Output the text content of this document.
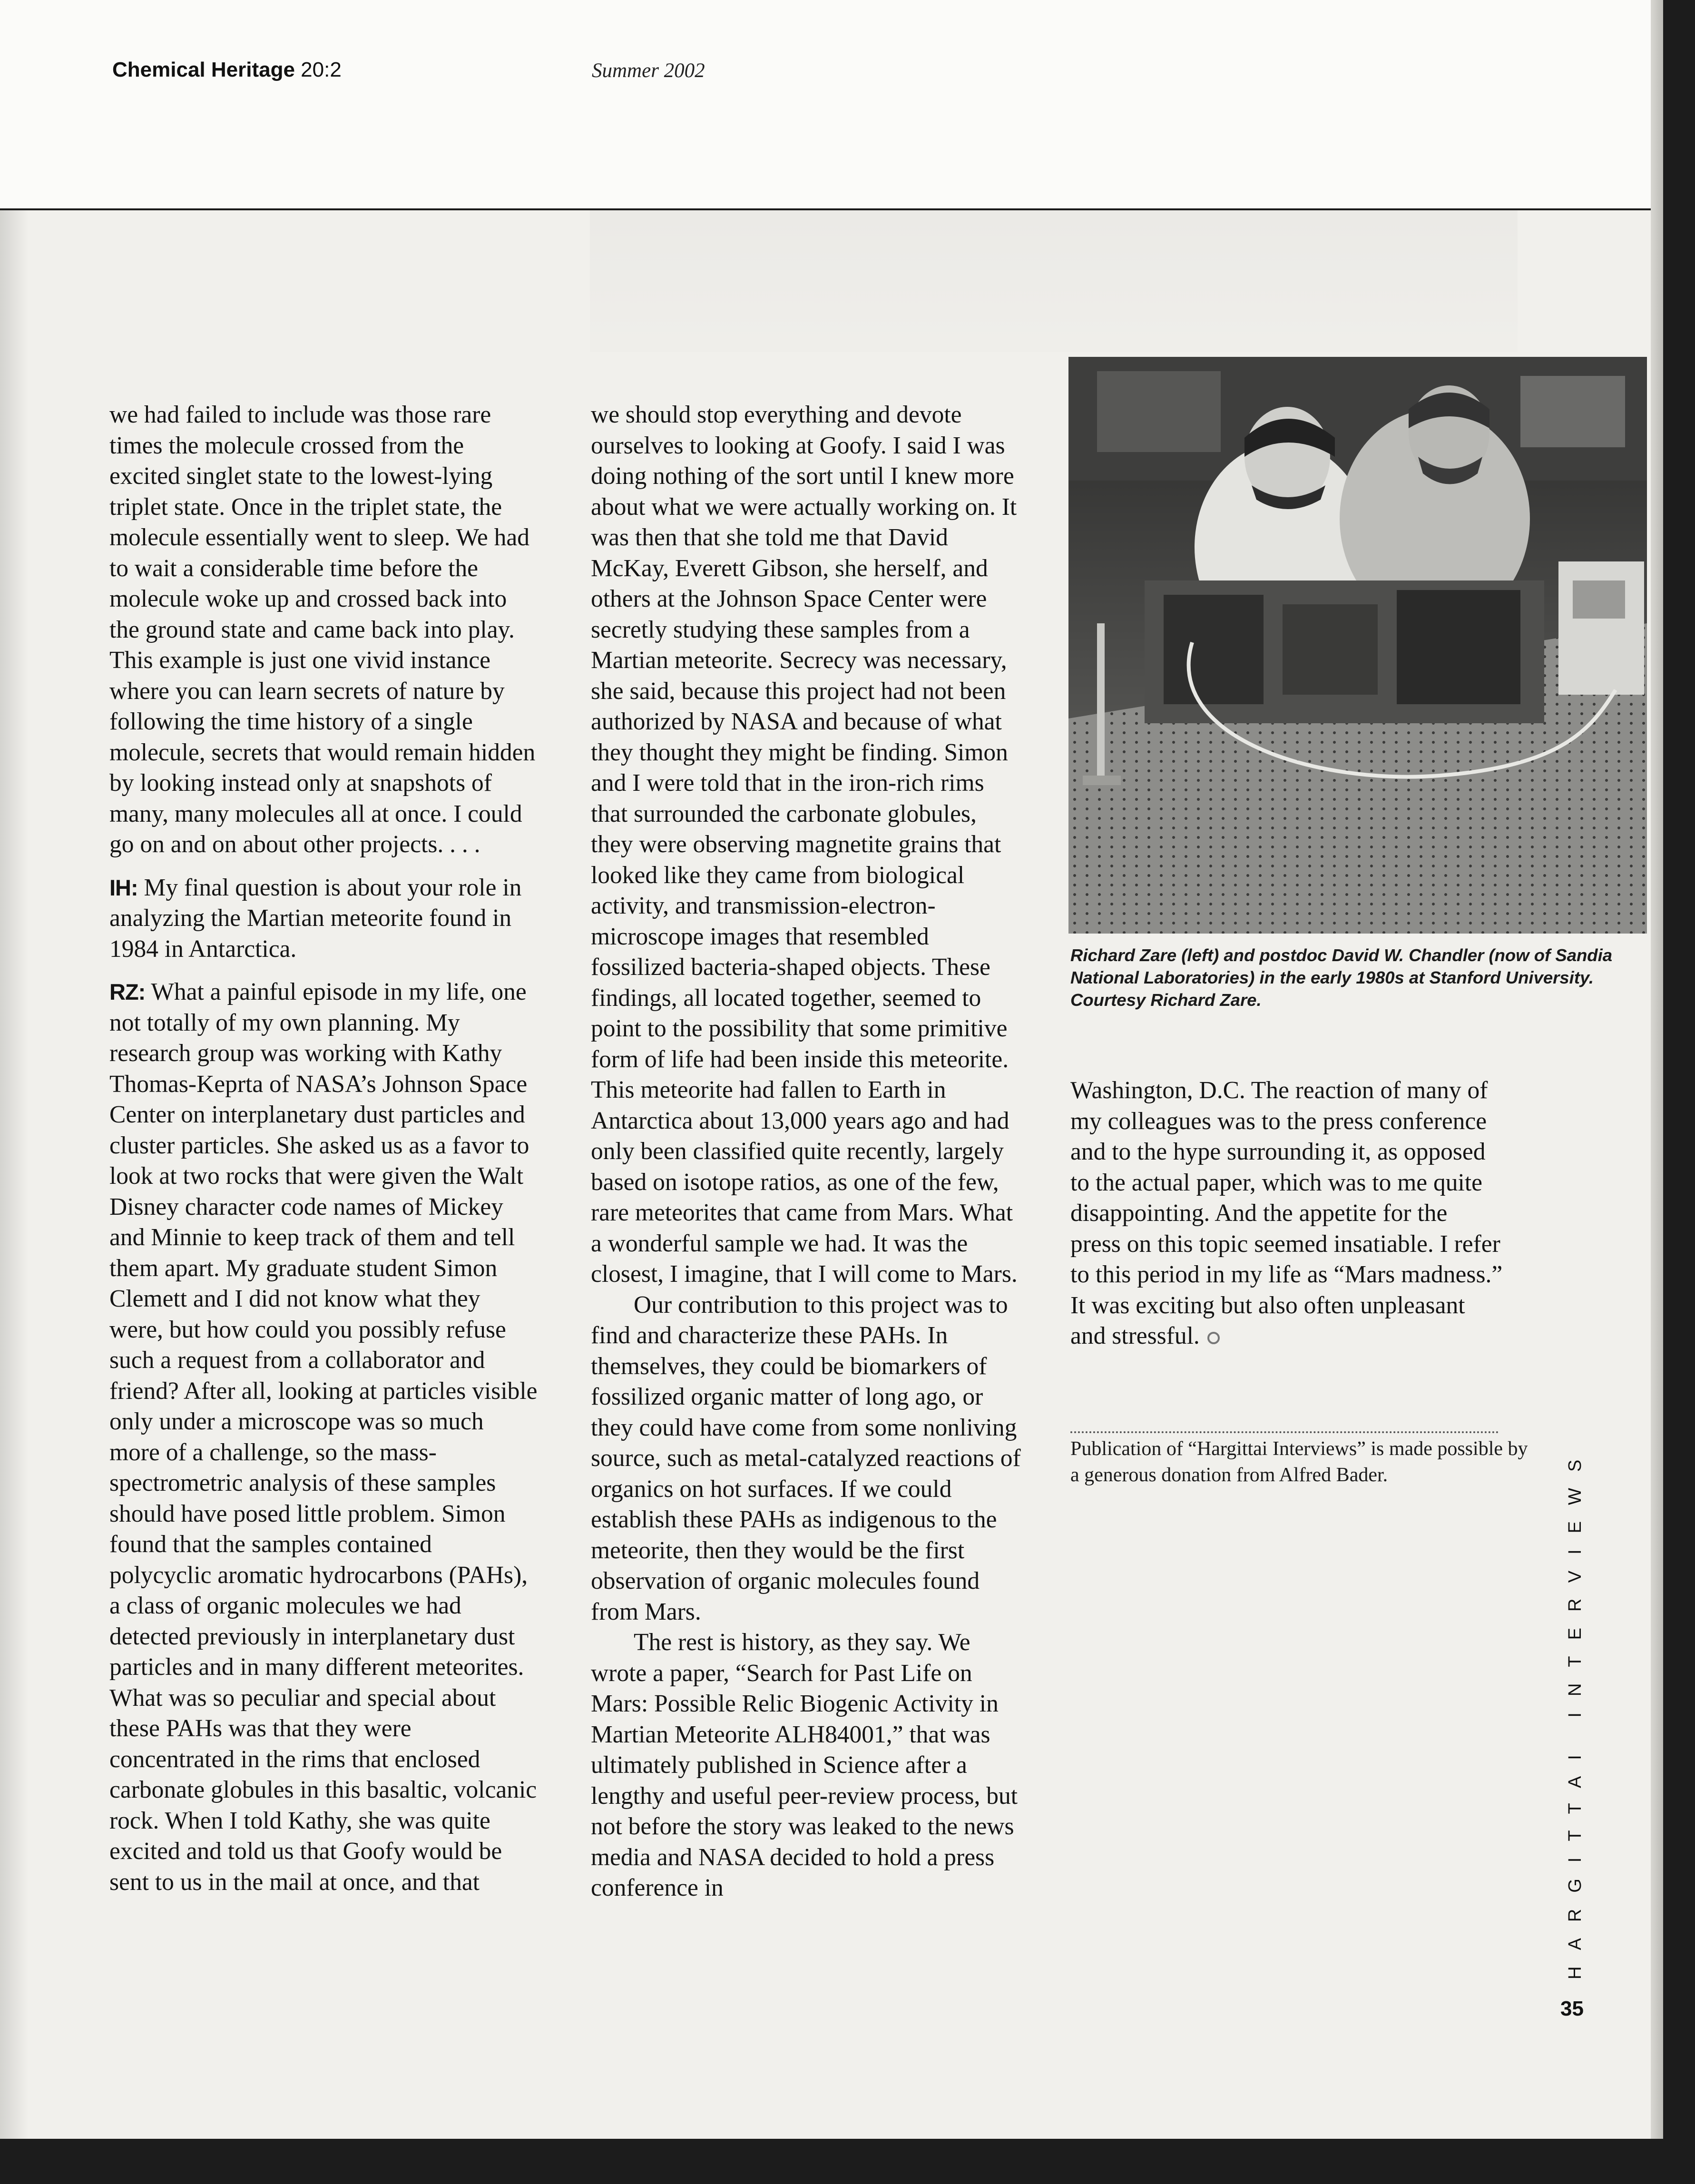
Chemical Heritage 20:2	Summer 2002

we had failed to include was those rare times the molecule crossed from the excited singlet state to the lowest-lying triplet state. Once in the triplet state, the molecule essentially went to sleep. We had to wait a considerable time before the molecule woke up and crossed back into the ground state and came back into play. This example is just one vivid instance where you can learn secrets of nature by following the time history of a single molecule, secrets that would remain hidden by looking instead only at snapshots of many, many molecules all at once. I could go on and on about other projects. . . .

IH: My final question is about your role in analyzing the Martian meteorite found in 1984 in Antarctica.

RZ: What a painful episode in my life, one not totally of my own planning. My research group was working with Kathy Thomas-Keprta of NASA’s Johnson Space Center on interplanetary dust particles and cluster particles. She asked us as a favor to look at two rocks that were given the Walt Disney character code names of Mickey and Minnie to keep track of them and tell them apart. My graduate student Simon Clemett and I did not know what they were, but how could you possibly refuse such a request from a collaborator and friend? After all, looking at particles visible only under a microscope was so much more of a challenge, so the mass-spectrometric analysis of these samples should have posed little problem. Simon found that the samples contained polycyclic aromatic hydrocarbons (PAHs), a class of organic molecules we had detected previously in interplanetary dust particles and in many different meteorites. What was so peculiar and special about these PAHs was that they were concentrated in the rims that enclosed carbonate globules in this basaltic, volcanic rock. When I told Kathy, she was quite excited and told us that Goofy would be sent to us in the mail at once, and that

we should stop everything and devote ourselves to looking at Goofy. I said I was doing nothing of the sort until I knew more about what we were actually working on. It was then that she told me that David McKay, Everett Gibson, she herself, and others at the Johnson Space Center were secretly studying these samples from a Martian meteorite. Secrecy was necessary, she said, because this project had not been authorized by NASA and because of what they thought they might be finding. Simon and I were told that in the iron-rich rims that surrounded the carbonate globules, they were observing magnetite grains that looked like they came from biological activity, and transmission-electron-microscope images that resembled fossilized bacteria-shaped objects. These findings, all located together, seemed to point to the possibility that some primitive form of life had been inside this meteorite. This meteorite had fallen to Earth in Antarctica about 13,000 years ago and had only been classified quite recently, largely based on isotope ratios, as one of the few, rare meteorites that came from Mars. What a wonderful sample we had. It was the closest, I imagine, that I will come to Mars.

Our contribution to this project was to find and characterize these PAHs. In themselves, they could be biomarkers of fossilized organic matter of long ago, or they could have come from some nonliving source, such as metal-catalyzed reactions of organics on hot surfaces. If we could establish these PAHs as indigenous to the meteorite, then they would be the first observation of organic molecules found from Mars.

The rest is history, as they say. We wrote a paper, “Search for Past Life on Mars: Possible Relic Biogenic Activity in Martian Meteorite ALH84001,” that was ultimately published in Science after a lengthy and useful peer-review process, but not before the story was leaked to the news media and NASA decided to hold a press conference in

Richard Zare (left) and postdoc David W. Chandler (now of Sandia National Laboratories) in the early 1980s at Stanford University. Courtesy Richard Zare.

Washington, D.C. The reaction of many of my colleagues was to the press conference and to the hype surrounding it, as opposed to the actual paper, which was to me quite disappointing. And the appetite for the press on this topic seemed insatiable. I refer to this period in my life as “Mars madness.” It was exciting but also often unpleasant and stressful.

Publication of “Hargittai Interviews” is made possible by a generous donation from Alfred Bader.	HARGITTAI INTERVIEWS
35
